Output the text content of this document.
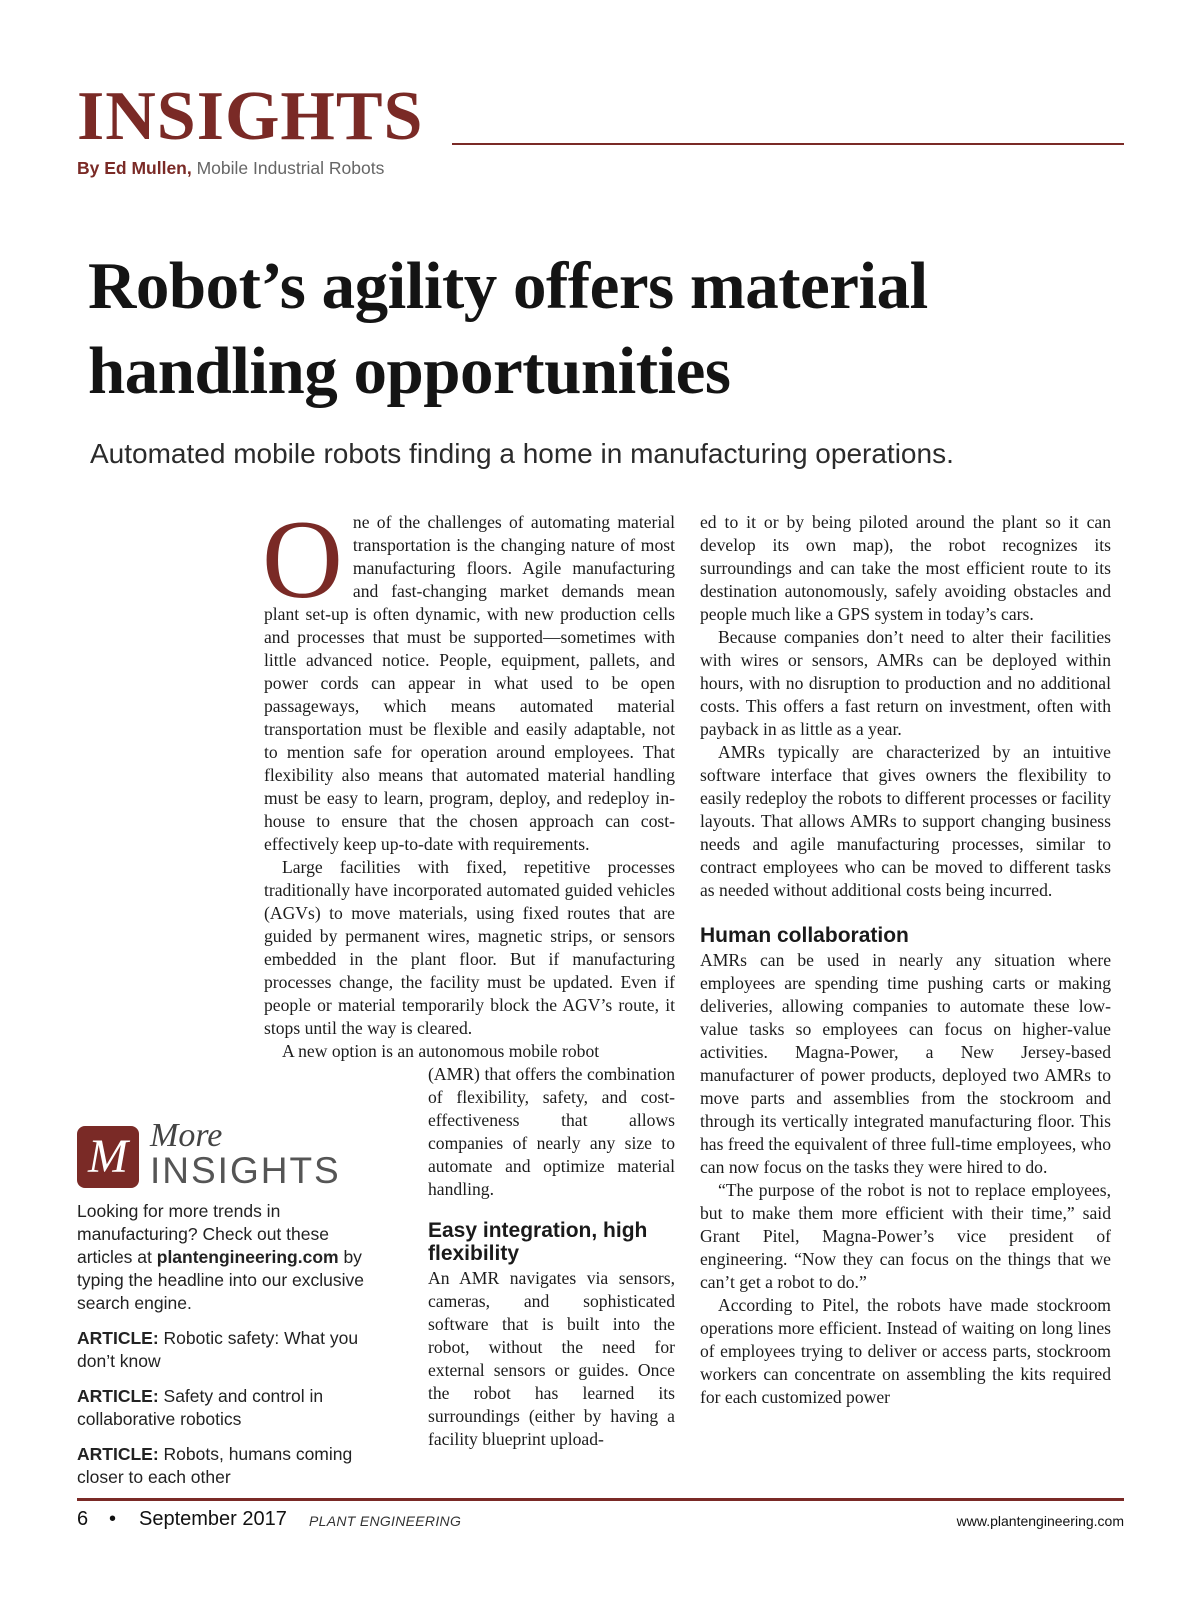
INSIGHTS
By Ed Mullen, Mobile Industrial Robots
Robot’s agility offers material handling opportunities

Automated mobile robots finding a home in manufacturing operations.

O ne of the challenges of automating material transportation is the changing nature of most manufacturing floors. Agile manufacturing and fast-changing market demands mean plant set-up is often dynamic, with new production cells and processes that must be supported—sometimes with little advanced notice. People, equipment, pallets, and power cords can appear in what used to be open passageways, which means automated material transportation must be flexible and easily adaptable, not to mention safe for operation around employees. That flexibility also means that automated material handling must be easy to learn, program, deploy, and redeploy in-house to ensure that the chosen approach can cost-effectively keep up-to-date with requirements.

Large facilities with fixed, repetitive processes traditionally have incorporated automated guided vehicles (AGVs) to move materials, using fixed routes that are guided by permanent wires, magnetic strips, or sensors embedded in the plant floor. But if manufacturing processes change, the facility must be updated. Even if people or material temporarily block the AGV’s route, it stops until the way is cleared.

A new option is an autonomous mobile robot

(AMR) that offers the combination of flexibility, safety, and cost-effectiveness that allows companies of nearly any size to automate and optimize material handling.

Easy integration, high flexibility

An AMR navigates via sensors, cameras, and sophisticated software that is built into the robot, without the need for external sensors or guides. Once the robot has learned its surroundings (either by having a facility blueprint upload-

ed to it or by being piloted around the plant so it can develop its own map), the robot recognizes its surroundings and can take the most efficient route to its destination autonomously, safely avoiding obstacles and people much like a GPS system in today’s cars.

Because companies don’t need to alter their facilities with wires or sensors, AMRs can be deployed within hours, with no disruption to production and no additional costs. This offers a fast return on investment, often with payback in as little as a year.

AMRs typically are characterized by an intuitive software interface that gives owners the flexibility to easily redeploy the robots to different processes or facility layouts. That allows AMRs to support changing business needs and agile manufacturing processes, similar to contract employees who can be moved to different tasks as needed without additional costs being incurred.

Human collaboration

AMRs can be used in nearly any situation where employees are spending time pushing carts or making deliveries, allowing companies to automate these low-value tasks so employees can focus on higher-value activities. Magna-Power, a New Jersey-based manufacturer of power products, deployed two AMRs to move parts and assemblies from the stockroom and through its vertically integrated manufacturing floor. This has freed the equivalent of three full-time employees, who can now focus on the tasks they were hired to do.

“The purpose of the robot is not to replace employees, but to make them more efficient with their time,” said Grant Pitel, Magna-Power’s vice president of engineering. “Now they can focus on the things that we can’t get a robot to do.”

According to Pitel, the robots have made stockroom operations more efficient. Instead of waiting on long lines of employees trying to deliver or access parts, stockroom workers can concentrate on assembling the kits required for each customized power

M More
INSIGHTS

Looking for more trends in manufacturing? Check out these articles at plantengineering.com by typing the headline into our exclusive search engine.

ARTICLE: Robotic safety: What you don’t know

ARTICLE: Safety and control in collaborative robotics

ARTICLE: Robots, humans coming closer to each other

6 • September 2017 PLANT ENGINEERING	www.plantengineering.com
